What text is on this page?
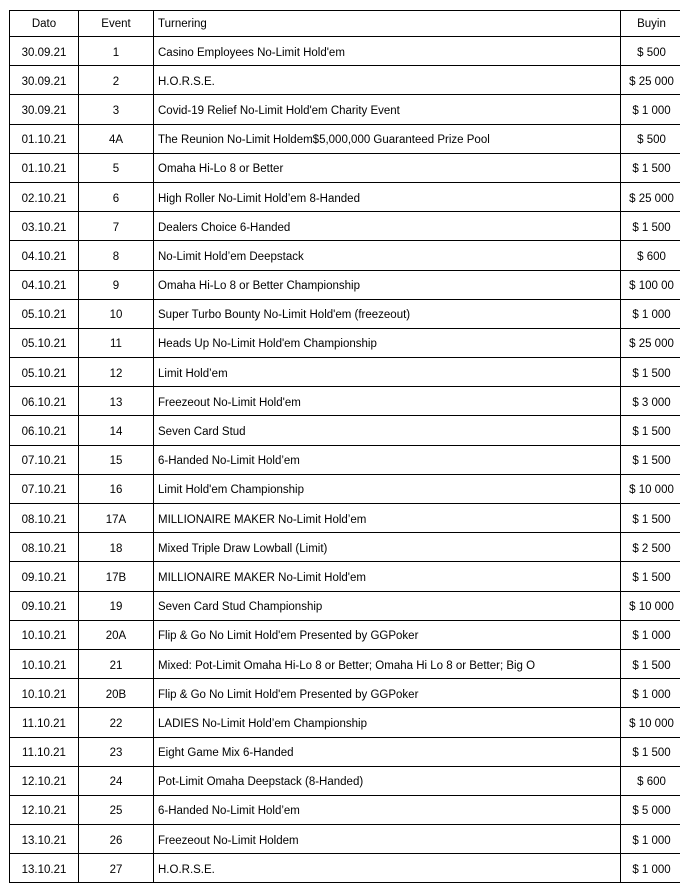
Dato	Event	Turnering	Buyin
30.09.21	1	Casino Employees No-Limit Hold'em	$ 500
30.09.21	2	H.O.R.S.E.	$ 25 000
30.09.21	3	Covid-19 Relief No-Limit Hold'em Charity Event	$ 1 000
01.10.21	4A	The Reunion No-Limit Holdem$5,000,000 Guaranteed Prize Pool	$ 500
01.10.21	5	Omaha Hi-Lo 8 or Better	$ 1 500
02.10.21	6	High Roller No-Limit Hold’em 8-Handed	$ 25 000
03.10.21	7	Dealers Choice 6-Handed	$ 1 500
04.10.21	8	No-Limit Hold’em Deepstack	$ 600
04.10.21	9	Omaha Hi-Lo 8 or Better Championship	$ 100 00
05.10.21	10	Super Turbo Bounty No-Limit Hold'em (freezeout)	$ 1 000
05.10.21	11	Heads Up No-Limit Hold'em Championship	$ 25 000
05.10.21	12	Limit Hold’em	$ 1 500
06.10.21	13	Freezeout No-Limit Hold'em	$ 3 000
06.10.21	14	Seven Card Stud	$ 1 500
07.10.21	15	6-Handed No-Limit Hold’em	$ 1 500
07.10.21	16	Limit Hold'em Championship	$ 10 000
08.10.21	17A	MILLIONAIRE MAKER No-Limit Hold’em	$ 1 500
08.10.21	18	Mixed Triple Draw Lowball (Limit)	$ 2 500
09.10.21	17B	MILLIONAIRE MAKER No-Limit Hold'em	$ 1 500
09.10.21	19	Seven Card Stud Championship	$ 10 000
10.10.21	20A	Flip & Go No Limit Hold'em Presented by GGPoker	$ 1 000
10.10.21	21	Mixed: Pot-Limit Omaha Hi-Lo 8 or Better; Omaha Hi Lo 8 or Better; Big O	$ 1 500
10.10.21	20B	Flip & Go No Limit Hold'em Presented by GGPoker	$ 1 000
11.10.21	22	LADIES No-Limit Hold’em Championship	$ 10 000
11.10.21	23	Eight Game Mix 6-Handed	$ 1 500
12.10.21	24	Pot-Limit Omaha Deepstack (8-Handed)	$ 600
12.10.21	25	6-Handed No-Limit Hold’em	$ 5 000
13.10.21	26	Freezeout No-Limit Holdem	$ 1 000
13.10.21	27	H.O.R.S.E.	$ 1 000
